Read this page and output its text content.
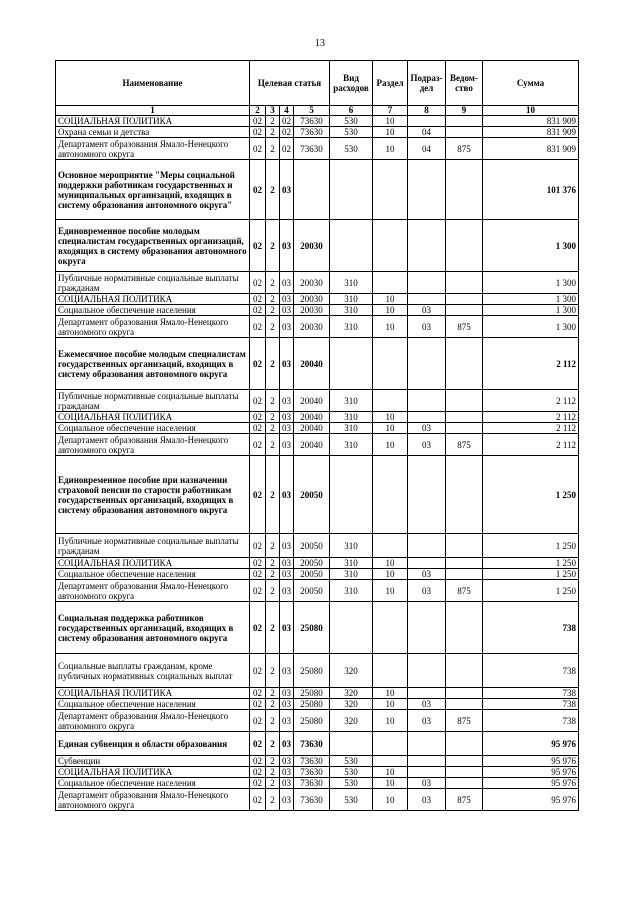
13
Наименование	Целевая статья				Вид расходов	Раздел	Подраз-дел	Ведом-ство	Сумма
1	2	3	4	5	6	7	8	9	10
СОЦИАЛЬНАЯ ПОЛИТИКА	02	2	02	73630	530	10			831 909
Охрана семьи и детства	02	2	02	73630	530	10	04		831 909
Департамент образования Ямало-Ненецкого автономного округа	02	2	02	73630	530	10	04	875	831 909
Основное мероприятие "Меры социальной поддержки работникам государственных и муниципальных организаций, входящих в систему образования автономного округа"	02	2	03						101 376
Единовременное пособие молодым специалистам государственных организаций, входящих в систему образования автономного округа	02	2	03	20030					1 300
Публичные нормативные социальные выплаты гражданам	02	2	03	20030	310				1 300
СОЦИАЛЬНАЯ ПОЛИТИКА	02	2	03	20030	310	10			1 300
Социальное обеспечение населения	02	2	03	20030	310	10	03		1 300
Департамент образования Ямало-Ненецкого автономного округа	02	2	03	20030	310	10	03	875	1 300
Ежемесячное пособие молодым специалистам государственных организаций, входящих в систему образования автономного округа	02	2	03	20040					2 112
Публичные нормативные социальные выплаты гражданам	02	2	03	20040	310				2 112
СОЦИАЛЬНАЯ ПОЛИТИКА	02	2	03	20040	310	10			2 112
Социальное обеспечение населения	02	2	03	20040	310	10	03		2 112
Департамент образования Ямало-Ненецкого автономного округа	02	2	03	20040	310	10	03	875	2 112
Единовременное пособие при назначении страховой пенсии по старости работникам государственных организаций, входящих в систему образования автономного округа	02	2	03	20050					1 250
Публичные нормативные социальные выплаты гражданам	02	2	03	20050	310				1 250
СОЦИАЛЬНАЯ ПОЛИТИКА	02	2	03	20050	310	10			1 250
Социальное обеспечение населения	02	2	03	20050	310	10	03		1 250
Департамент образования Ямало-Ненецкого автономного округа	02	2	03	20050	310	10	03	875	1 250
Социальная поддержка работников государственных организаций, входящих в систему образования автономного округа	02	2	03	25080					738
Социальные выплаты гражданам, кроме публичных нормативных социальных выплат	02	2	03	25080	320				738
СОЦИАЛЬНАЯ ПОЛИТИКА	02	2	03	25080	320	10			738
Социальное обеспечение населения	02	2	03	25080	320	10	03		738
Департамент образования Ямало-Ненецкого автономного округа	02	2	03	25080	320	10	03	875	738
Единая субвенция в области образования	02	2	03	73630					95 976
Субвенции	02	2	03	73630	530				95 976
СОЦИАЛЬНАЯ ПОЛИТИКА	02	2	03	73630	530	10			95 976
Социальное обеспечение населения	02	2	03	73630	530	10	03		95 976
Департамент образования Ямало-Ненецкого автономного округа	02	2	03	73630	530	10	03	875	95 976
